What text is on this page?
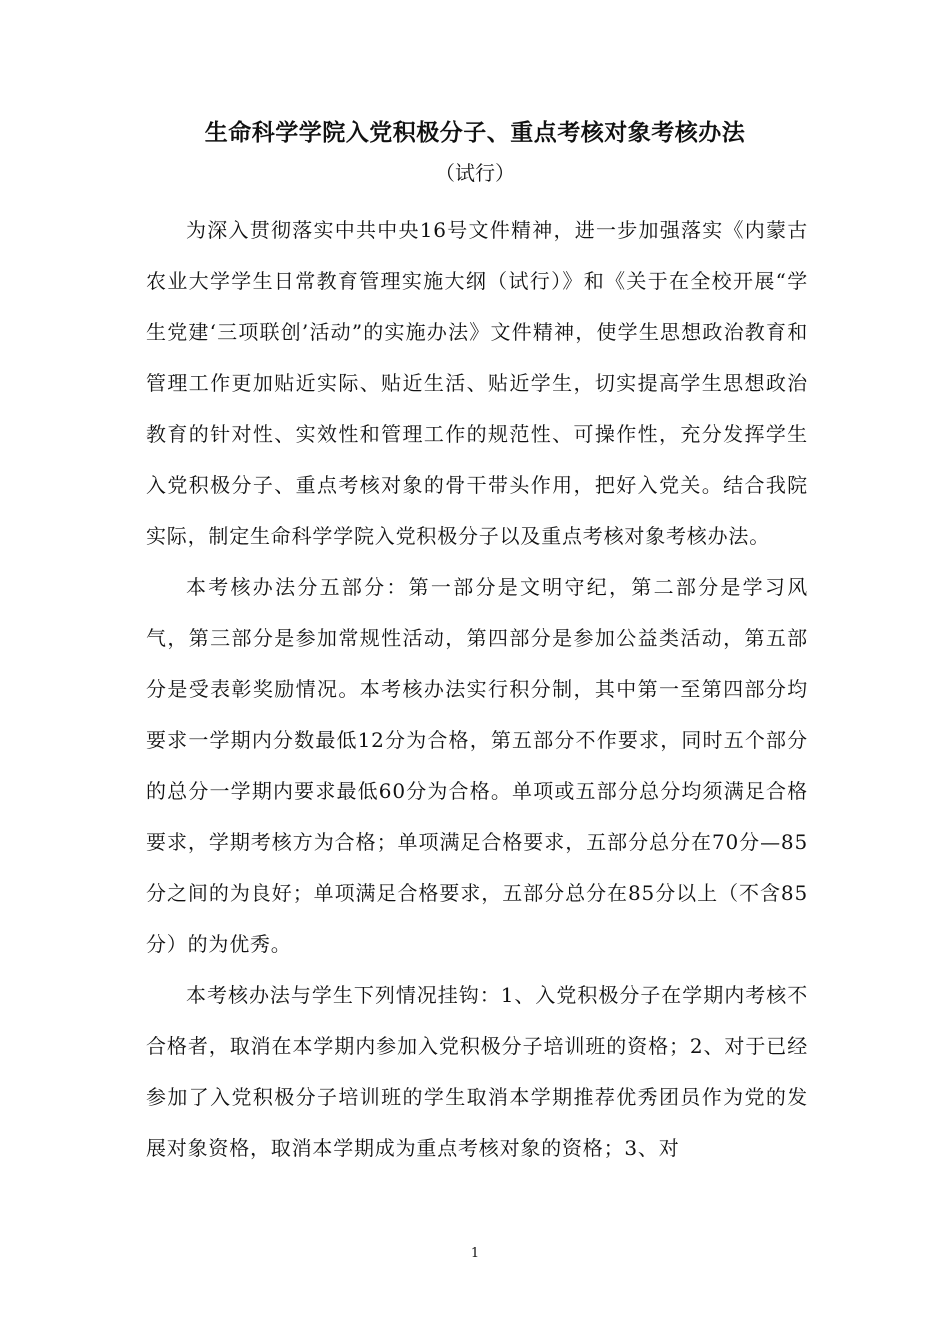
生命科学学院入党积极分子、重点考核对象考核办法
（试行）

为深入贯彻落实中共中央16号文件精神，进一步加强落实《内蒙古农业大学学生日常教育管理实施大纲（试行）》和《关于在全校开展“学生党建‘三项联创’活动”的实施办法》文件精神，使学生思想政治教育和管理工作更加贴近实际、贴近生活、贴近学生，切实提高学生思想政治教育的针对性、实效性和管理工作的规范性、可操作性，充分发挥学生入党积极分子、重点考核对象的骨干带头作用，把好入党关。结合我院实际，制定生命科学学院入党积极分子以及重点考核对象考核办法。

本考核办法分五部分：第一部分是文明守纪，第二部分是学习风气，第三部分是参加常规性活动，第四部分是参加公益类活动，第五部分是受表彰奖励情况。本考核办法实行积分制，其中第一至第四部分均要求一学期内分数最低12分为合格，第五部分不作要求，同时五个部分的总分一学期内要求最低60分为合格。单项或五部分总分均须满足合格要求，学期考核方为合格；单项满足合格要求，五部分总分在70分—85分之间的为良好；单项满足合格要求，五部分总分在85分以上（不含85分）的为优秀。

本考核办法与学生下列情况挂钩：1、入党积极分子在学期内考核不合格者，取消在本学期内参加入党积极分子培训班的资格；2、对于已经参加了入党积极分子培训班的学生取消本学期推荐优秀团员作为党的发展对象资格，取消本学期成为重点考核对象的资格；3、对

1
